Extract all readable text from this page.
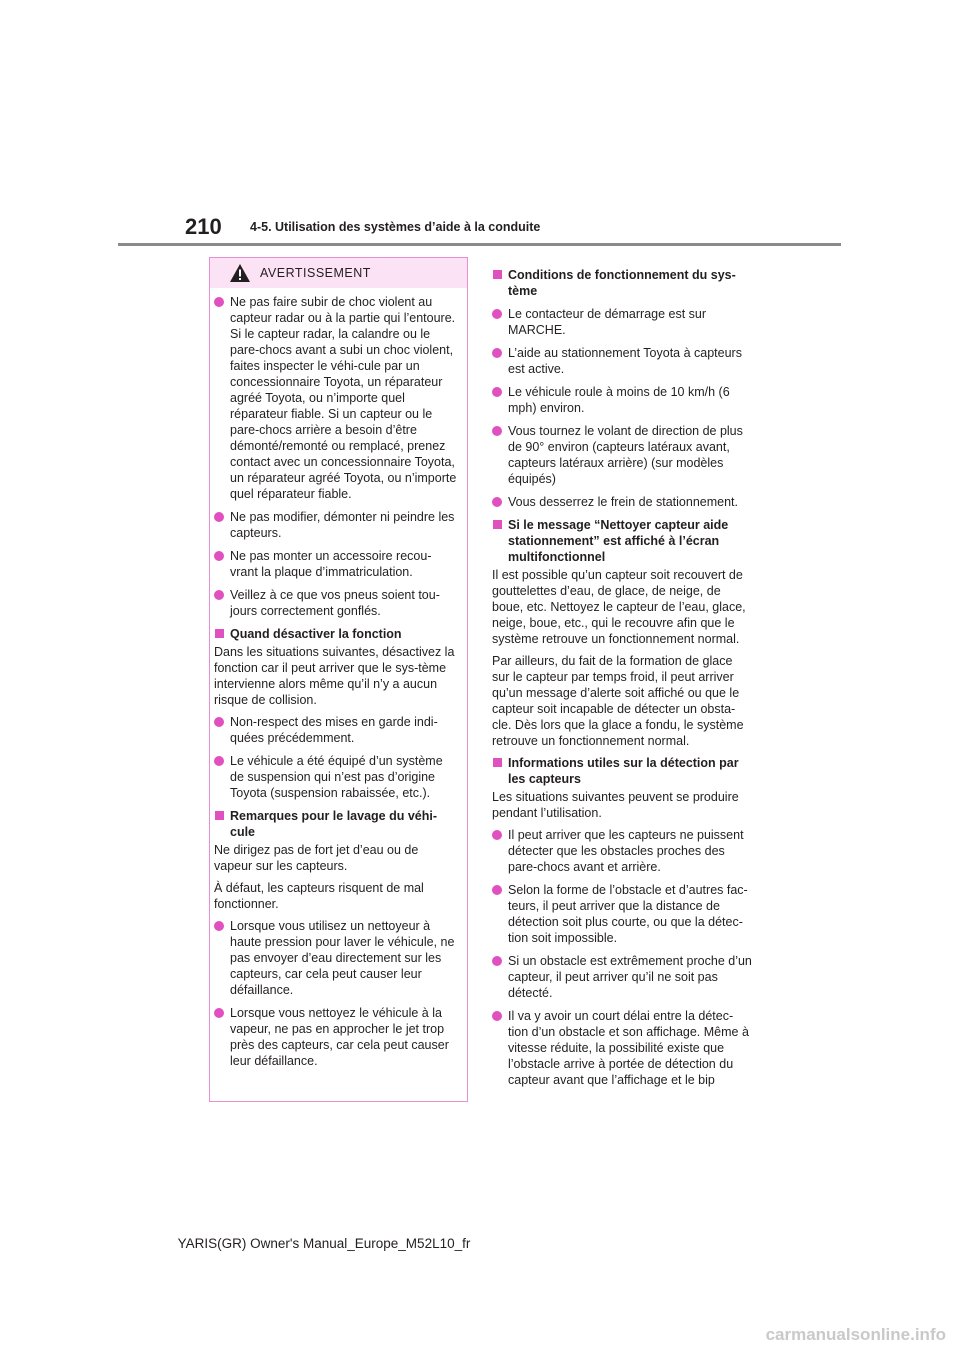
210 4-5. Utilisation des systèmes d’aide à la conduite
AVERTISSEMENT
Ne pas faire subir de choc violent au capteur radar ou à la partie qui l’entoure. Si le capteur radar, la calandre ou le pare-chocs avant a subi un choc violent, faites inspecter le véhi-cule par un concessionnaire Toyota, un réparateur agréé Toyota, ou n’importe quel réparateur fiable. Si un capteur ou le pare-chocs arrière a besoin d’être démonté/remonté ou remplacé, prenez contact avec un concessionnaire Toyota, un réparateur agréé Toyota, ou n’importe quel réparateur fiable.
Ne pas modifier, démonter ni peindre les capteurs.
Ne pas monter un accessoire recou-vrant la plaque d’immatriculation.
Veillez à ce que vos pneus soient tou-jours correctement gonflés.
Quand désactiver la fonction
Dans les situations suivantes, désactivez la fonction car il peut arriver que le sys-tème intervienne alors même qu’il n’y a aucun risque de collision.
Non-respect des mises en garde indi-quées précédemment.
Le véhicule a été équipé d’un système de suspension qui n’est pas d’origine Toyota (suspension rabaissée, etc.).
Remarques pour le lavage du véhi-cule
Ne dirigez pas de fort jet d’eau ou de vapeur sur les capteurs.
À défaut, les capteurs risquent de mal fonctionner.
Lorsque vous utilisez un nettoyeur à haute pression pour laver le véhicule, ne pas envoyer d’eau directement sur les capteurs, car cela peut causer leur défaillance.
Lorsque vous nettoyez le véhicule à la vapeur, ne pas en approcher le jet trop près des capteurs, car cela peut causer leur défaillance.
Conditions de fonctionnement du sys-tème
Le contacteur de démarrage est sur MARCHE.
L’aide au stationnement Toyota à capteurs est active.
Le véhicule roule à moins de 10 km/h (6 mph) environ.
Vous tournez le volant de direction de plus de 90° environ (capteurs latéraux avant, capteurs latéraux arrière) (sur modèles équipés)
Vous desserrez le frein de stationnement.
Si le message “Nettoyer capteur aide stationnement” est affiché à l’écran multifonctionnel
Il est possible qu’un capteur soit recouvert de gouttelettes d’eau, de glace, de neige, de boue, etc. Nettoyez le capteur de l’eau, glace, neige, boue, etc., qui le recouvre afin que le système retrouve un fonctionnement normal.
Par ailleurs, du fait de la formation de glace sur le capteur par temps froid, il peut arriver qu’un message d’alerte soit affiché ou que le capteur soit incapable de détecter un obsta-cle. Dès lors que la glace a fondu, le système retrouve un fonctionnement normal.
Informations utiles sur la détection par les capteurs
Les situations suivantes peuvent se produire pendant l’utilisation.
Il peut arriver que les capteurs ne puissent détecter que les obstacles proches des pare-chocs avant et arrière.
Selon la forme de l’obstacle et d’autres fac-teurs, il peut arriver que la distance de détection soit plus courte, ou que la détec-tion soit impossible.
Si un obstacle est extrêmement proche d’un capteur, il peut arriver qu’il ne soit pas détecté.
Il va y avoir un court délai entre la détec-tion d’un obstacle et son affichage. Même à vitesse réduite, la possibilité existe que l’obstacle arrive à portée de détection du capteur avant que l’affichage et le bip
YARIS(GR) Owner's Manual_Europe_M52L10_fr
carmanualsonline.info
